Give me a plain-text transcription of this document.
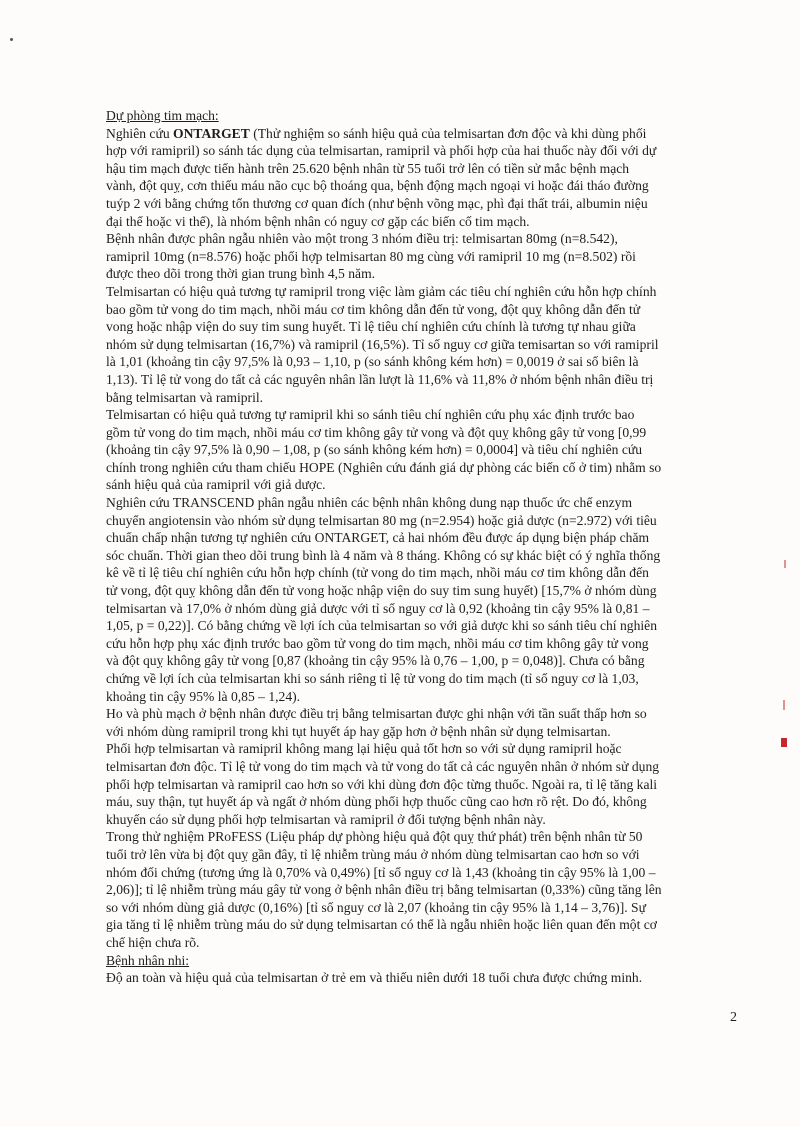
Dự phòng tim mạch:
Nghiên cứu ONTARGET (Thử nghiệm so sánh hiệu quả của telmisartan đơn độc và khi dùng phối
hợp với ramipril) so sánh tác dụng của telmisartan, ramipril và phối hợp của hai thuốc này đối với dự
hậu tim mạch được tiến hành trên 25.620 bệnh nhân từ 55 tuổi trở lên có tiền sử mắc bệnh mạch
vành, đột quỵ, cơn thiếu máu não cục bộ thoáng qua, bệnh động mạch ngoại vi hoặc đái tháo đường
tuýp 2 với bằng chứng tổn thương cơ quan đích (như bệnh võng mạc, phì đại thất trái, albumin niệu
đại thể hoặc vi thể), là nhóm bệnh nhân có nguy cơ gặp các biến cố tim mạch.
Bệnh nhân được phân ngẫu nhiên vào một trong 3 nhóm điều trị: telmisartan 80mg (n=8.542),
ramipril 10mg (n=8.576) hoặc phối hợp telmisartan 80 mg cùng với ramipril 10 mg (n=8.502) rồi
được theo dõi trong thời gian trung bình 4,5 năm.
Telmisartan có hiệu quả tương tự ramipril trong việc làm giảm các tiêu chí nghiên cứu hỗn hợp chính
bao gồm tử vong do tim mạch, nhồi máu cơ tim không dẫn đến tử vong, đột quỵ không dẫn đến tử
vong hoặc nhập viện do suy tim sung huyết. Tỉ lệ tiêu chí nghiên cứu chính là tương tự nhau giữa
nhóm sử dụng telmisartan (16,7%) và ramipril (16,5%). Tỉ số nguy cơ giữa temisartan so với ramipril
là 1,01 (khoảng tin cậy 97,5% là 0,93 – 1,10, p (so sánh không kém hơn) = 0,0019 ở sai số biên là
1,13). Tỉ lệ tử vong do tất cả các nguyên nhân lần lượt là 11,6% và 11,8% ở nhóm bệnh nhân điều trị
bằng telmisartan và ramipril.
Telmisartan có hiệu quả tương tự ramipril khi so sánh tiêu chí nghiên cứu phụ xác định trước bao
gồm tử vong do tim mạch, nhồi máu cơ tim không gây tử vong và đột quỵ không gây tử vong [0,99
(khoảng tin cậy 97,5% là 0,90 – 1,08, p (so sánh không kém hơn) = 0,0004] và tiêu chí nghiên cứu
chính trong nghiên cứu tham chiếu HOPE (Nghiên cứu đánh giá dự phòng các biến cố ở tim) nhằm so
sánh hiệu quả của ramipril với giả dược.
Nghiên cứu TRANSCEND phân ngẫu nhiên các bệnh nhân không dung nạp thuốc ức chế enzym
chuyển angiotensin vào nhóm sử dụng telmisartan 80 mg (n=2.954) hoặc giả dược (n=2.972) với tiêu
chuẩn chấp nhận tương tự nghiên cứu ONTARGET, cả hai nhóm đều được áp dụng biện pháp chăm
sóc chuẩn. Thời gian theo dõi trung bình là 4 năm và 8 tháng. Không có sự khác biệt có ý nghĩa thống
kê về tỉ lệ tiêu chí nghiên cứu hỗn hợp chính (tử vong do tim mạch, nhồi máu cơ tim không dẫn đến
tử vong, đột quỵ không dẫn đến tử vong hoặc nhập viện do suy tim sung huyết) [15,7% ở nhóm dùng
telmisartan và 17,0% ở nhóm dùng giả dược với tỉ số nguy cơ là 0,92 (khoảng tin cậy 95% là 0,81 –
1,05, p = 0,22)]. Có bằng chứng về lợi ích của telmisartan so với giả dược khi so sánh tiêu chí nghiên
cứu hỗn hợp phụ xác định trước bao gồm tử vong do tim mạch, nhồi máu cơ tim không gây tử vong
và đột quỵ không gây tử vong [0,87 (khoảng tin cậy 95% là 0,76 – 1,00, p = 0,048)]. Chưa có bằng
chứng về lợi ích của telmisartan khi so sánh riêng tỉ lệ tử vong do tim mạch (tỉ số nguy cơ là 1,03,
khoảng tin cậy 95% là 0,85 – 1,24).
Ho và phù mạch ở bệnh nhân được điều trị bằng telmisartan được ghi nhận với tần suất thấp hơn so
với nhóm dùng ramipril trong khi tụt huyết áp hay gặp hơn ở bệnh nhân sử dụng telmisartan.
Phối hợp telmisartan và ramipril không mang lại hiệu quả tốt hơn so với sử dụng ramipril hoặc
telmisartan đơn độc. Tỉ lệ tử vong do tim mạch và tử vong do tất cả các nguyên nhân ở nhóm sử dụng
phối hợp telmisartan và ramipril cao hơn so với khi dùng đơn độc từng thuốc. Ngoài ra, tỉ lệ tăng kali
máu, suy thận, tụt huyết áp và ngất ở nhóm dùng phối hợp thuốc cũng cao hơn rõ rệt. Do đó, không
khuyến cáo sử dụng phối hợp telmisartan và ramipril ở đối tượng bệnh nhân này.
Trong thử nghiệm PRoFESS (Liệu pháp dự phòng hiệu quả đột quỵ thứ phát) trên bệnh nhân từ 50
tuổi trở lên vừa bị đột quỵ gần đây, tỉ lệ nhiễm trùng máu ở nhóm dùng telmisartan cao hơn so với
nhóm đối chứng (tương ứng là 0,70% và 0,49%) [tỉ số nguy cơ là 1,43 (khoảng tin cậy 95% là 1,00 –
2,06)]; tỉ lệ nhiễm trùng máu gây tử vong ở bệnh nhân điều trị bằng telmisartan (0,33%) cũng tăng lên
so với nhóm dùng giả dược (0,16%) [tỉ số nguy cơ là 2,07 (khoảng tin cậy 95% là 1,14 – 3,76)]. Sự
gia tăng tỉ lệ nhiễm trùng máu do sử dụng telmisartan có thể là ngẫu nhiên hoặc liên quan đến một cơ
chế hiện chưa rõ.
Bệnh nhân nhi:
Độ an toàn và hiệu quả của telmisartan ở trẻ em và thiếu niên dưới 18 tuổi chưa được chứng minh.
2
